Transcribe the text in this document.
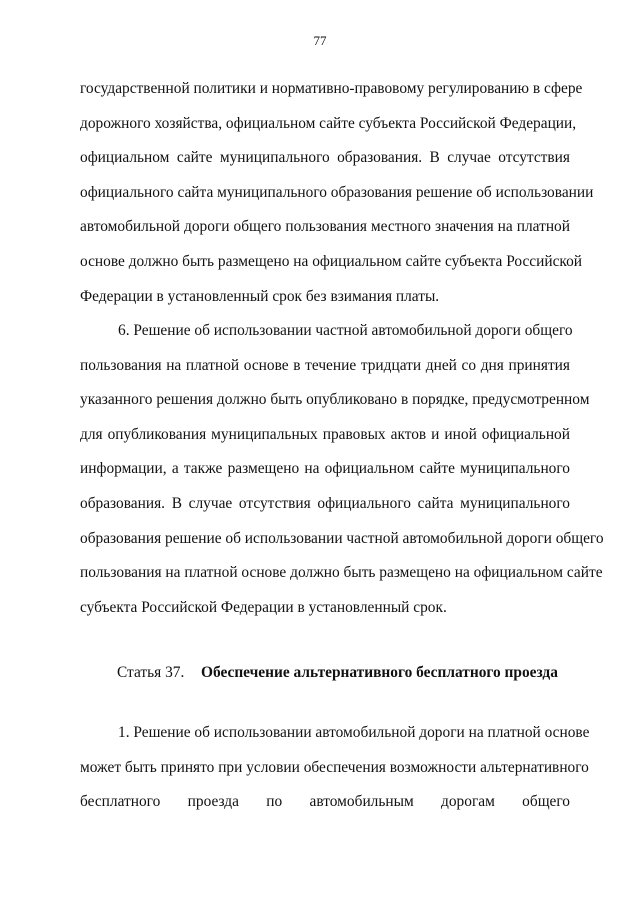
77
государственной политики и нормативно-правовому регулированию в сфере
дорожного хозяйства, официальном сайте субъекта Российской Федерации,
официальном сайте муниципального образования. В случае отсутствия
официального сайта муниципального образования решение об использовании
автомобильной дороги общего пользования местного значения на платной
основе должно быть размещено на официальном сайте субъекта Российской
Федерации в установленный срок без взимания платы.
6. Решение об использовании частной автомобильной дороги общего
пользования на платной основе в течение тридцати дней со дня принятия
указанного решения должно быть опубликовано в порядке, предусмотренном
для опубликования муниципальных правовых актов и иной официальной
информации, а также размещено на официальном сайте муниципального
образования. В случае отсутствия официального сайта муниципального
образования решение об использовании частной автомобильной дороги общего
пользования на платной основе должно быть размещено на официальном сайте
субъекта Российской Федерации в установленный срок.
Статья 37. Обеспечение альтернативного бесплатного проезда
1. Решение об использовании автомобильной дороги на платной основе
может быть принято при условии обеспечения возможности альтернативного
бесплатного проезда по автомобильным дорогам общего
